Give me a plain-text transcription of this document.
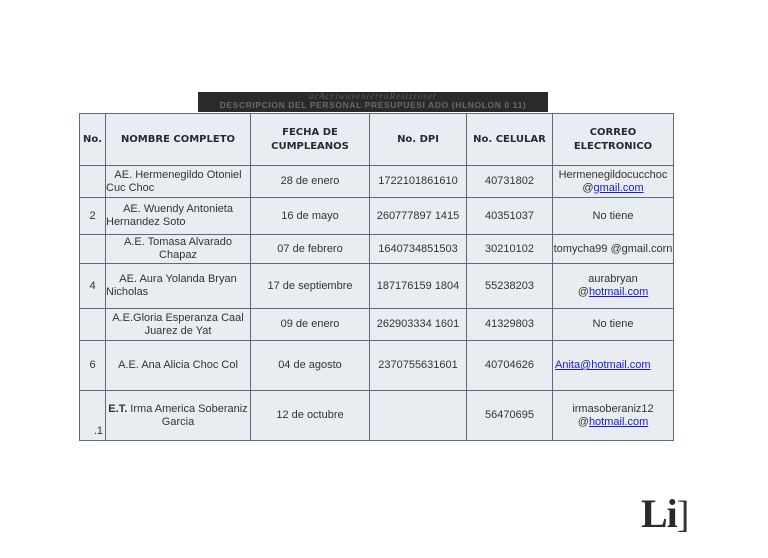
ucAcriwaventerraRestzroser
DESCRIPCION DEL PERSONAL PRESUPUESI ADO (HLNOLON 0 11)
No.	NOMBRE COMPLETO	FECHA DE CUMPLEANOS	No. DPI	No. CELULAR	CORREO ELECTRONICO
	AE. Hermenegildo Otoniel Cuc Choc	28 de enero	1722101861610	40731802	Hermenegildocucchoc @gmail.com
2	AE. Wuendy Antonieta Hernandez Soto	16 de mayo	260777897 1415	40351037	No tiene
	A.E. Tomasa Alvarado Chapaz	07 de febrero	1640734851503	30210102	tomycha99 @gmail.corn
4	AE. Aura Yolanda Bryan Nicholas	17 de septiembre	187176159 1804	55238203	aurabryan @hotmail.com
	A.E.Gloria Esperanza Caal Juarez de Yat	09 de enero	262903334 1601	41329803	No tiene
6	A.E. Ana Alicia Choc Col	04 de agosto	2370755631601	40704626	Anita@hotmail.com
.1	E.T. Irma America Soberaniz Garcia	12 de octubre		56470695	irmasoberaniz12 @hotmail.com
Li]
